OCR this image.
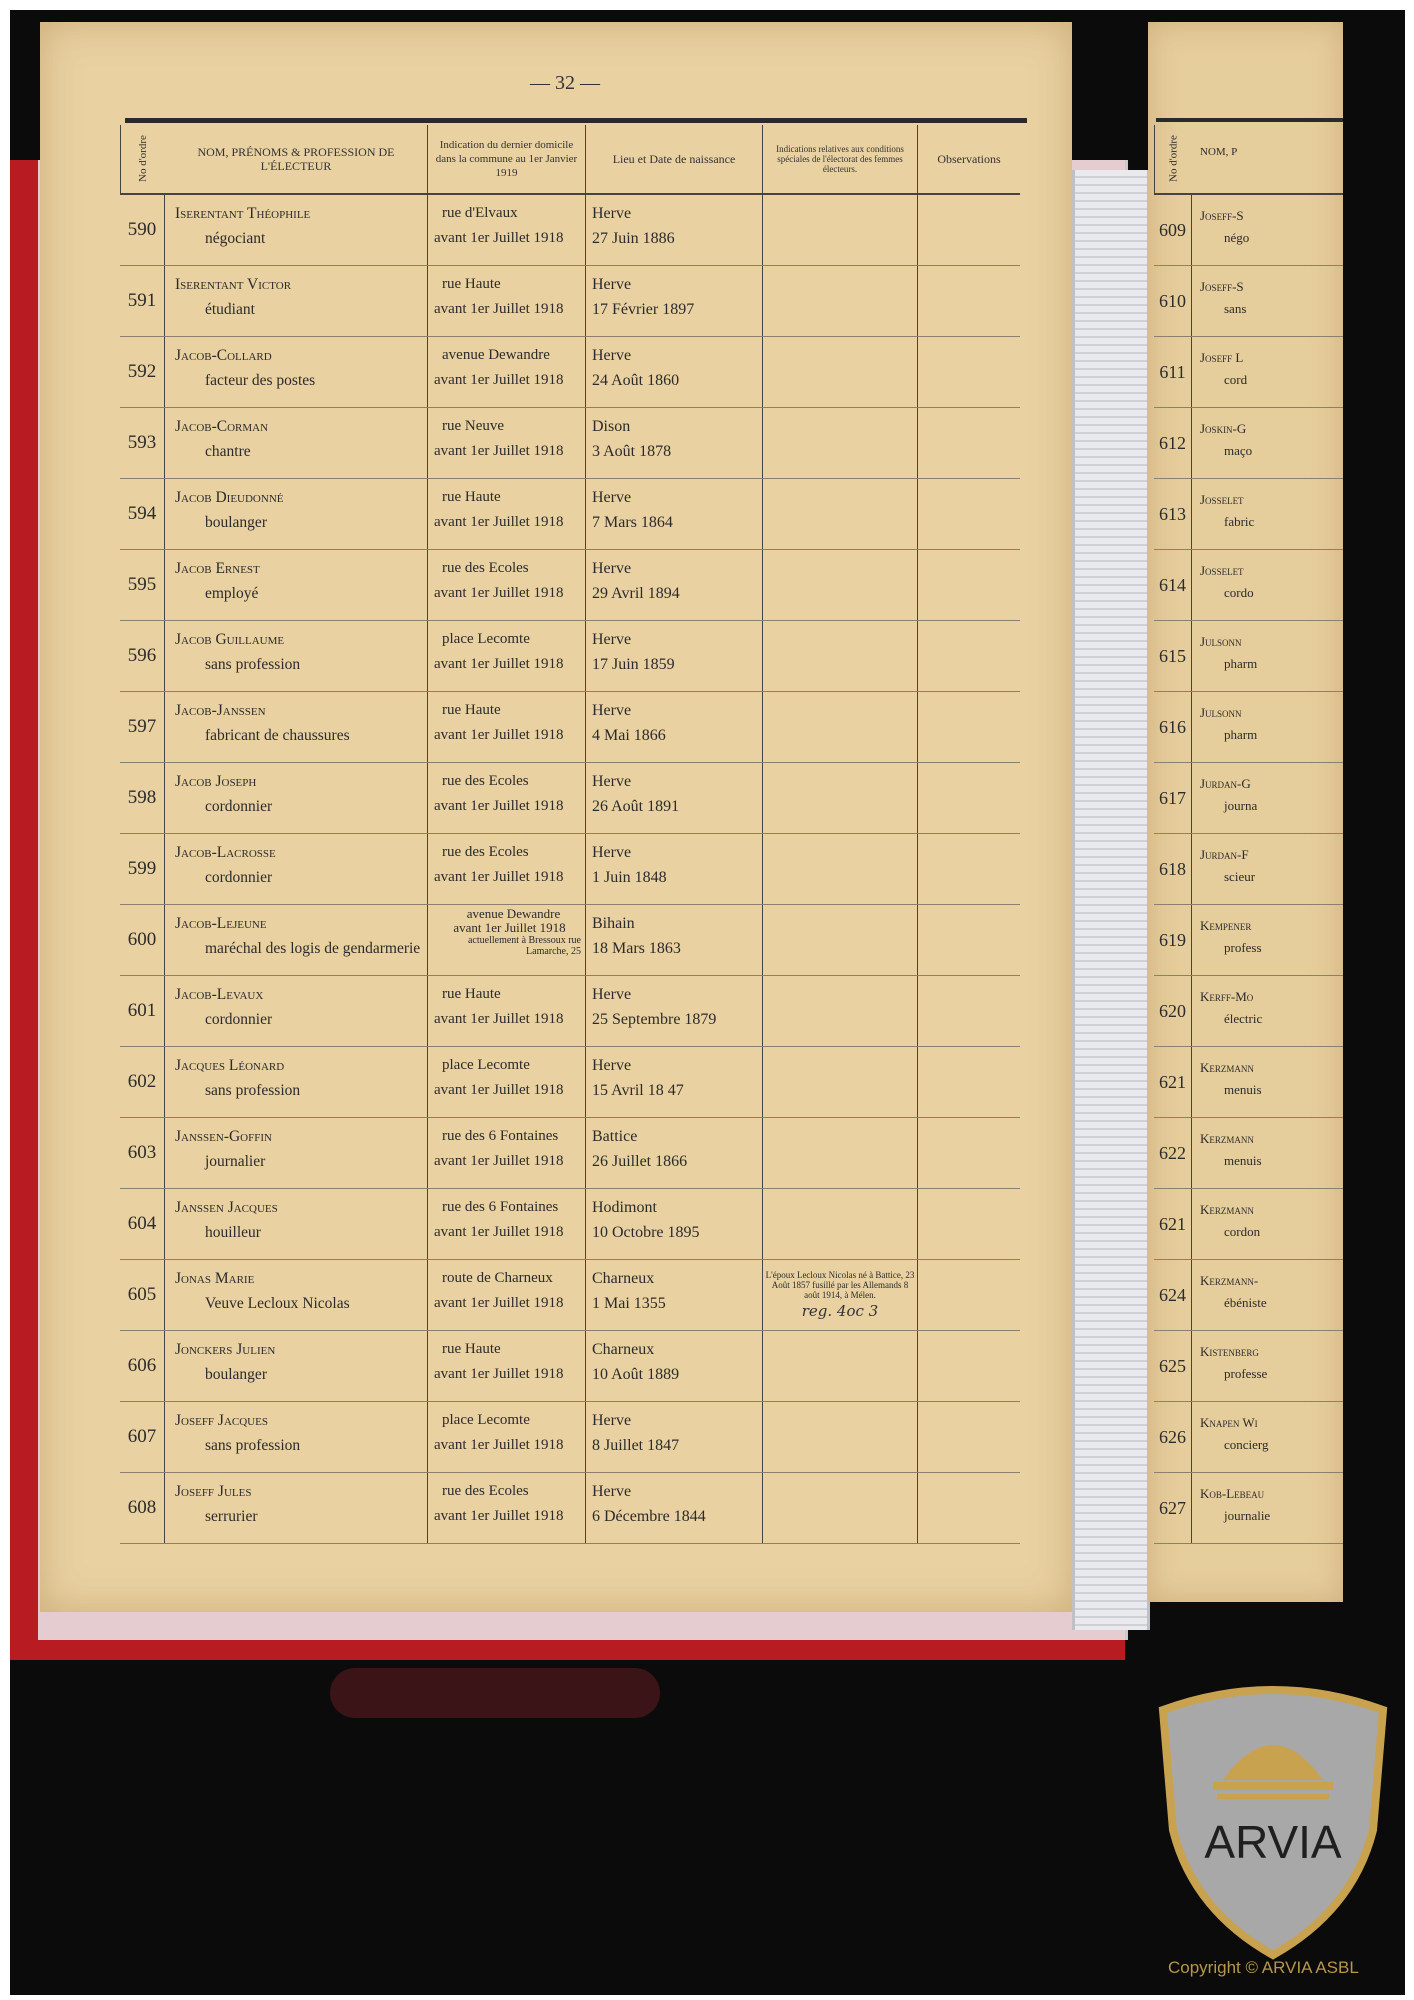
— 32 —
No d'ordre	NOM, PRÉNOMS & PROFESSION DE L'ÉLECTEUR
Indication du dernier domicile dans la commune au 1er Janvier 1919
Lieu et Date de naissance
Indications relatives aux conditions spéciales de l'électorat des femmes électeurs.
Observations
590
Iserentant Théophile
négociant
rue d'Elvaux
avant 1er Juillet 1918
Herve
27 Juin 1886
591
Iserentant Victor
étudiant
rue Haute
avant 1er Juillet 1918
Herve
17 Février 1897
592
Jacob-Collard
facteur des postes
avenue Dewandre
avant 1er Juillet 1918
Herve
24 Août 1860
593
Jacob-Corman
chantre
rue Neuve
avant 1er Juillet 1918
Dison
3 Août 1878
594
Jacob Dieudonné
boulanger
rue Haute
avant 1er Juillet 1918
Herve
7 Mars 1864
595
Jacob Ernest
employé
rue des Ecoles
avant 1er Juillet 1918
Herve
29 Avril 1894
596
Jacob Guillaume
sans profession
place Lecomte
avant 1er Juillet 1918
Herve
17 Juin 1859
597
Jacob-Janssen
fabricant de chaussures
rue Haute
avant 1er Juillet 1918
Herve
4 Mai 1866
598
Jacob Joseph
cordonnier
rue des Ecoles
avant 1er Juillet 1918
Herve
26 Août 1891
599
Jacob-Lacrosse
cordonnier
rue des Ecoles
avant 1er Juillet 1918
Herve
1 Juin 1848
600
Jacob-Lejeune
maréchal des logis de gendarmerie
avenue Dewandre
avant 1er Juillet 1918
actuellement à Bressoux rue Lamarche, 25
Bihain
18 Mars 1863
601
Jacob-Levaux
cordonnier
rue Haute
avant 1er Juillet 1918
Herve
25 Septembre 1879
602
Jacques Léonard
sans profession
place Lecomte
avant 1er Juillet 1918
Herve
15 Avril 18 47
603
Janssen-Goffin
journalier
rue des 6 Fontaines
avant 1er Juillet 1918
Battice
26 Juillet 1866
604
Janssen Jacques
houilleur
rue des 6 Fontaines
avant 1er Juillet 1918
Hodimont
10 Octobre 1895
605
Jonas Marie
Veuve Lecloux Nicolas
route de Charneux
avant 1er Juillet 1918
Charneux
1 Mai 1355
L'époux Lecloux Nicolas né à Battice, 23 Août 1857 fusillé par les Allemands 8 août 1914, à Mélen.
reg. 4oc 3
606
Jonckers Julien
boulanger
rue Haute
avant 1er Juillet 1918
Charneux
10 Août 1889
607
Joseff Jacques
sans profession
place Lecomte
avant 1er Juillet 1918
Herve
8 Juillet 1847
608
Joseff Jules
serrurier
rue des Ecoles
avant 1er Juillet 1918
Herve
6 Décembre 1844
No d'ordre	NOM, P
609
Joseff-S
négo
610
Joseff-S
sans
611
Joseff L
cord
612
Joskin-G
maço
613
Josselet
fabric
614
Josselet
cordo
615
Julsonn
pharm
616
Julsonn
pharm
617
Jurdan-G
journa
618
Jurdan-F
scieur
619
Kempener
profess
620
Kerff-Mo
électric
621
Kerzmann
menuis
622
Kerzmann
menuis
621
Kerzmann
cordon
624
Kerzmann-
ébéniste
625
Kistenberg
professe
626
Knapen Wi
concierg
627
Kob-Lebeau
journalie
ARVIA
Copyright © ARVIA ASBL
